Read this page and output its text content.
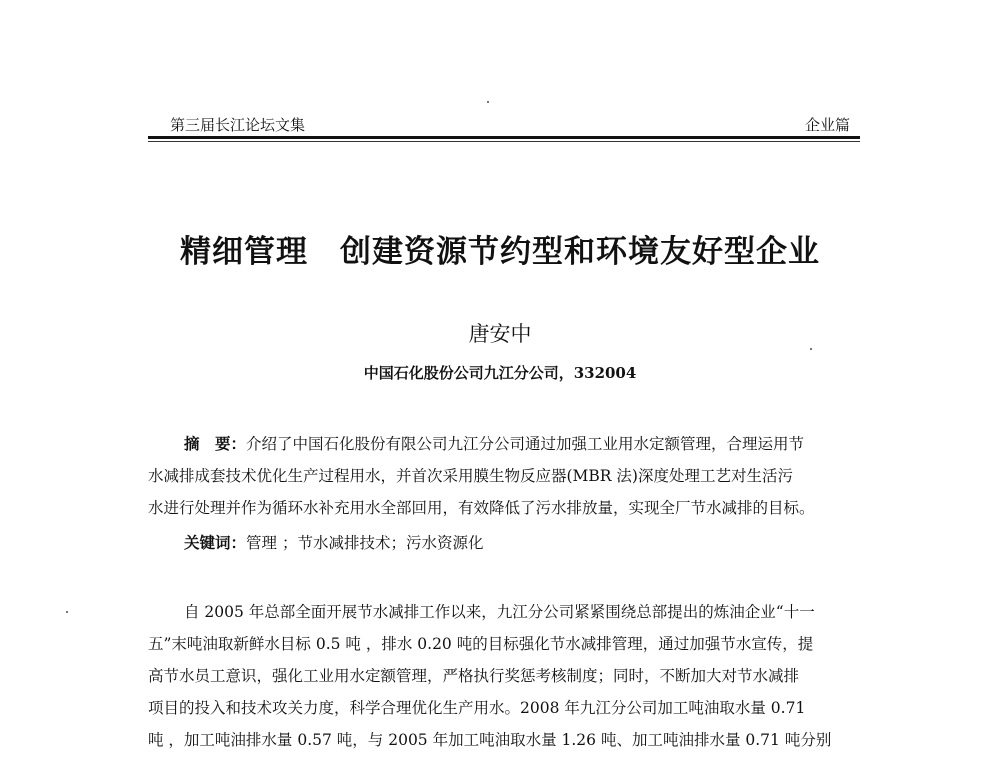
第三届长江论坛文集	企业篇
精细管理　创建资源节约型和环境友好型企业
唐安中
中国石化股份公司九江分公司，332004
摘　要：介绍了中国石化股份有限公司九江分公司通过加强工业用水定额管理，合理运用节
水减排成套技术优化生产过程用水，并首次采用膜生物反应器(MBR 法)深度处理工艺对生活污
水进行处理并作为循环水补充用水全部回用，有效降低了污水排放量，实现全厂节水减排的目标。
关键词：管理 ；节水减排技术；污水资源化
自 2005 年总部全面开展节水减排工作以来，九江分公司紧紧围绕总部提出的炼油企业“十一
五”末吨油取新鲜水目标 0.5 吨 ，排水 0.20 吨的目标强化节水减排管理，通过加强节水宣传，提
高节水员工意识，强化工业用水定额管理，严格执行奖惩考核制度；同时，不断加大对节水减排
项目的投入和技术攻关力度，科学合理优化生产用水。2008 年九江分公司加工吨油取水量 0.71
吨 ，加工吨油排水量 0.57 吨，与 2005 年加工吨油取水量 1.26 吨、加工吨油排水量 0.71 吨分别
